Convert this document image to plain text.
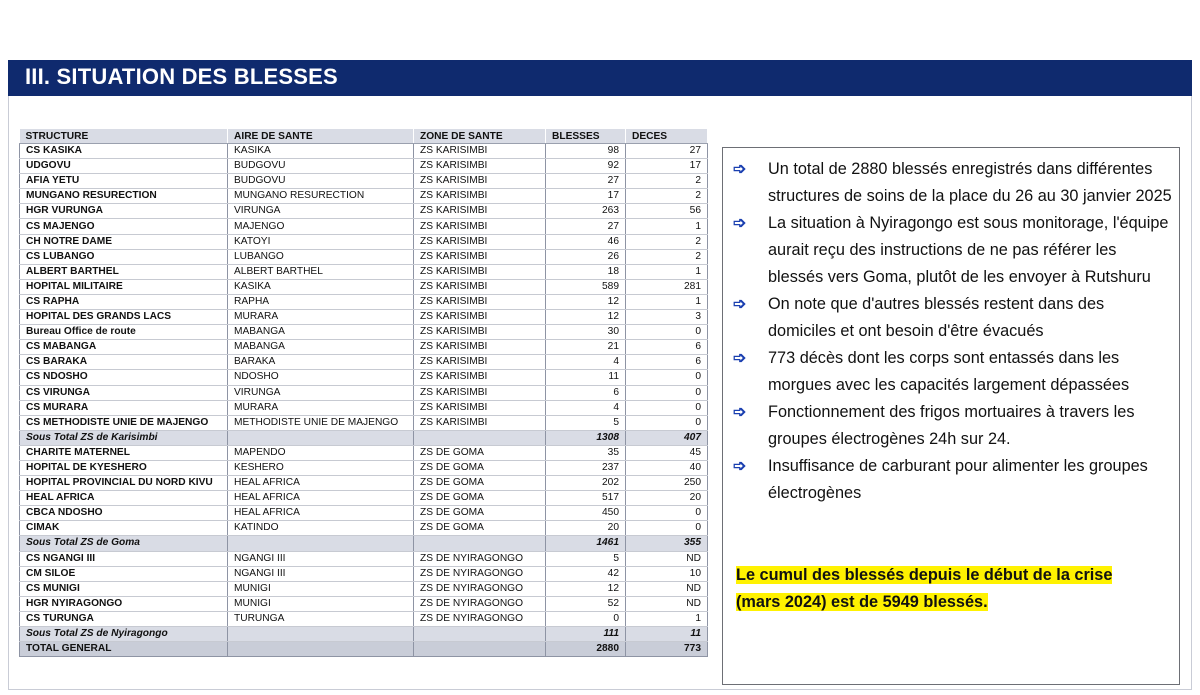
III. SITUATION DES BLESSES
STRUCTURE	AIRE DE SANTE	ZONE DE SANTE	BLESSES	DECES
CS KASIKA	KASIKA	ZS KARISIMBI	98	27
UDGOVU	BUDGOVU	ZS KARISIMBI	92	17
AFIA YETU	BUDGOVU	ZS KARISIMBI	27	2
MUNGANO RESURECTION	MUNGANO RESURECTION	ZS KARISIMBI	17	2
HGR VURUNGA	VIRUNGA	ZS KARISIMBI	263	56
CS MAJENGO	MAJENGO	ZS KARISIMBI	27	1
CH NOTRE DAME	KATOYI	ZS KARISIMBI	46	2
CS LUBANGO	LUBANGO	ZS KARISIMBI	26	2
ALBERT BARTHEL	ALBERT BARTHEL	ZS KARISIMBI	18	1
HOPITAL MILITAIRE	KASIKA	ZS KARISIMBI	589	281
CS RAPHA	RAPHA	ZS KARISIMBI	12	1
HOPITAL DES GRANDS LACS	MURARA	ZS KARISIMBI	12	3
Bureau Office de route	MABANGA	ZS KARISIMBI	30	0
CS MABANGA	MABANGA	ZS KARISIMBI	21	6
CS BARAKA	BARAKA	ZS KARISIMBI	4	6
CS NDOSHO	NDOSHO	ZS KARISIMBI	11	0
CS VIRUNGA	VIRUNGA	ZS KARISIMBI	6	0
CS MURARA	MURARA	ZS KARISIMBI	4	0
CS METHODISTE UNIE DE MAJENGO	METHODISTE UNIE DE MAJENGO	ZS KARISIMBI	5	0
Sous Total ZS de Karisimbi			1308	407
CHARITE MATERNEL	MAPENDO	ZS DE GOMA	35	45
HOPITAL DE KYESHERO	KESHERO	ZS DE GOMA	237	40
HOPITAL PROVINCIAL DU NORD KIVU	HEAL AFRICA	ZS DE GOMA	202	250
HEAL AFRICA	HEAL AFRICA	ZS DE GOMA	517	20
CBCA NDOSHO	HEAL AFRICA	ZS DE GOMA	450	0
CIMAK	KATINDO	ZS DE GOMA	20	0
Sous Total ZS de Goma			1461	355
CS NGANGI III	NGANGI III	ZS DE NYIRAGONGO	5	ND
CM SILOE	NGANGI III	ZS DE NYIRAGONGO	42	10
CS MUNIGI	MUNIGI	ZS DE NYIRAGONGO	12	ND
HGR NYIRAGONGO	MUNIGI	ZS DE NYIRAGONGO	52	ND
CS TURUNGA	TURUNGA	ZS DE NYIRAGONGO	0	1
Sous Total ZS de Nyiragongo			111	11
TOTAL GENERAL			2880	773
➩ Un total de 2880 blessés enregistrés dans différentes structures de soins de la place du 26 au 30 janvier 2025
➩ La situation à Nyiragongo est sous monitorage, l'équipe aurait reçu des instructions de ne pas référer les blessés vers Goma, plutôt de les envoyer à Rutshuru
➩ On note que d'autres blessés restent dans des domiciles et ont besoin d'être évacués
➩ 773 décès dont les corps sont entassés dans les morgues avec les capacités largement dépassées
➩ Fonctionnement des frigos mortuaires à travers les groupes électrogènes 24h sur 24.
➩ Insuffisance de carburant pour alimenter les groupes électrogènes
Le cumul des blessés depuis le début de la crise (mars 2024) est de 5949 blessés.
